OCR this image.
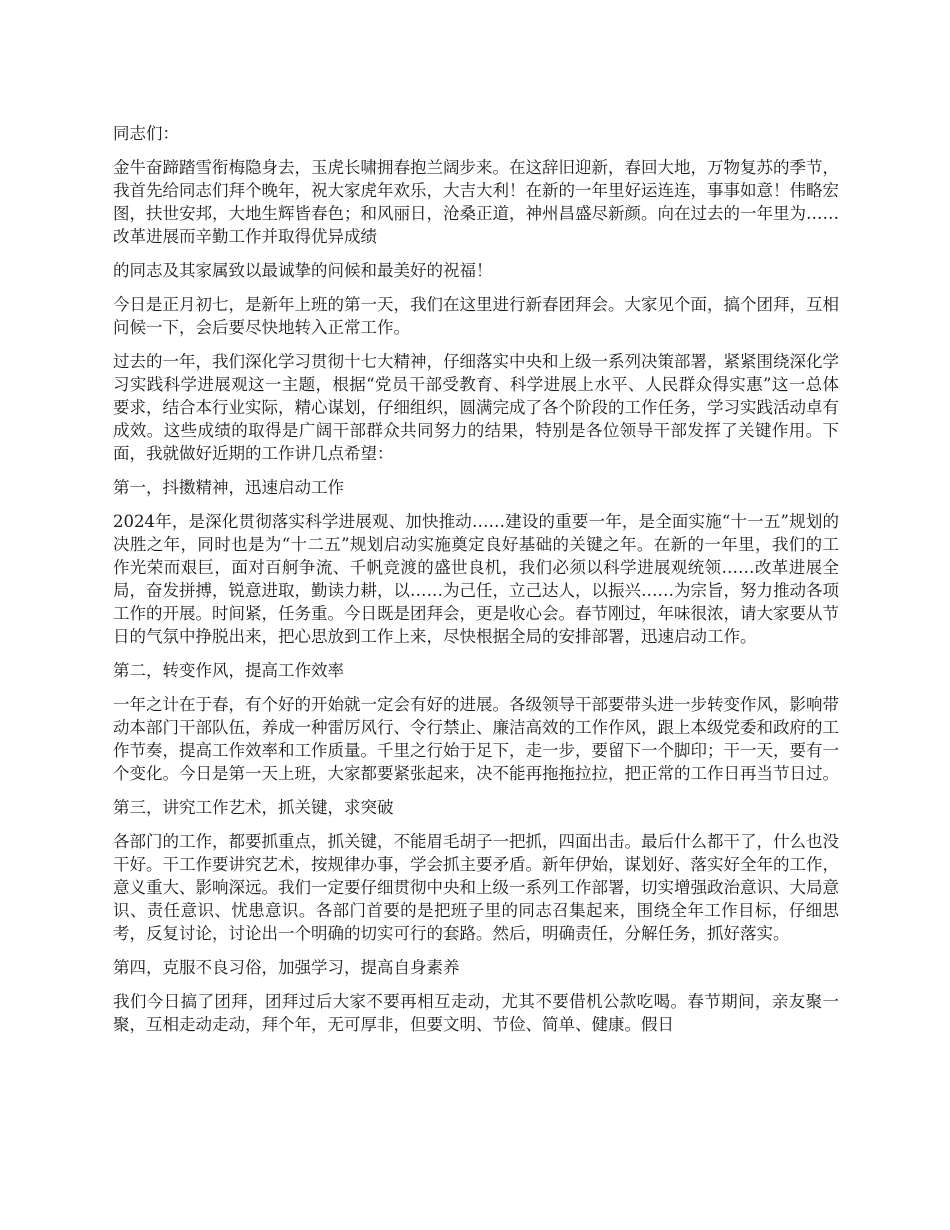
同志们：

金牛奋蹄踏雪衔梅隐身去，玉虎长啸拥春抱兰阔步来。在这辞旧迎新，春回大地，万物复苏的季节，我首先给同志们拜个晚年，祝大家虎年欢乐，大吉大利！在新的一年里好运连连，事事如意！伟略宏图，扶世安邦，大地生辉皆春色；和风丽日，沧桑正道，神州昌盛尽新颜。向在过去的一年里为……改革进展而辛勤工作并取得优异成绩

的同志及其家属致以最诚挚的问候和最美好的祝福！

今日是正月初七，是新年上班的第一天，我们在这里进行新春团拜会。大家见个面，搞个团拜，互相问候一下，会后要尽快地转入正常工作。

过去的一年，我们深化学习贯彻十七大精神，仔细落实中央和上级一系列决策部署，紧紧围绕深化学习实践科学进展观这一主题，根据“党员干部受教育、科学进展上水平、人民群众得实惠”这一总体要求，结合本行业实际，精心谋划，仔细组织，圆满完成了各个阶段的工作任务，学习实践活动卓有成效。这些成绩的取得是广阔干部群众共同努力的结果，特别是各位领导干部发挥了关键作用。下面，我就做好近期的工作讲几点希望：

第一，抖擞精神，迅速启动工作

2024年，是深化贯彻落实科学进展观、加快推动……建设的重要一年，是全面实施“十一五”规划的决胜之年，同时也是为“十二五”规划启动实施奠定良好基础的关键之年。在新的一年里，我们的工作光荣而艰巨，面对百舸争流、千帆竞渡的盛世良机，我们必须以科学进展观统领……改革进展全局，奋发拼搏，锐意进取，勤读力耕，以……为己任，立己达人，以振兴……为宗旨，努力推动各项工作的开展。时间紧，任务重。今日既是团拜会，更是收心会。春节刚过，年味很浓，请大家要从节日的气氛中挣脱出来，把心思放到工作上来，尽快根据全局的安排部署，迅速启动工作。

第二，转变作风，提高工作效率

一年之计在于春，有个好的开始就一定会有好的进展。各级领导干部要带头进一步转变作风，影响带动本部门干部队伍，养成一种雷厉风行、令行禁止、廉洁高效的工作作风，跟上本级党委和政府的工作节奏，提高工作效率和工作质量。千里之行始于足下，走一步，要留下一个脚印；干一天，要有一个变化。今日是第一天上班，大家都要紧张起来，决不能再拖拖拉拉，把正常的工作日再当节日过。

第三，讲究工作艺术，抓关键，求突破

各部门的工作，都要抓重点，抓关键，不能眉毛胡子一把抓，四面出击。最后什么都干了，什么也没干好。干工作要讲究艺术，按规律办事，学会抓主要矛盾。新年伊始，谋划好、落实好全年的工作，意义重大、影响深远。我们一定要仔细贯彻中央和上级一系列工作部署，切实增强政治意识、大局意识、责任意识、忧患意识。各部门首要的是把班子里的同志召集起来，围绕全年工作目标，仔细思考，反复讨论，讨论出一个明确的切实可行的套路。然后，明确责任，分解任务，抓好落实。

第四，克服不良习俗，加强学习，提高自身素养

我们今日搞了团拜，团拜过后大家不要再相互走动，尤其不要借机公款吃喝。春节期间，亲友聚一聚，互相走动走动，拜个年，无可厚非，但要文明、节俭、简单、健康。假日
